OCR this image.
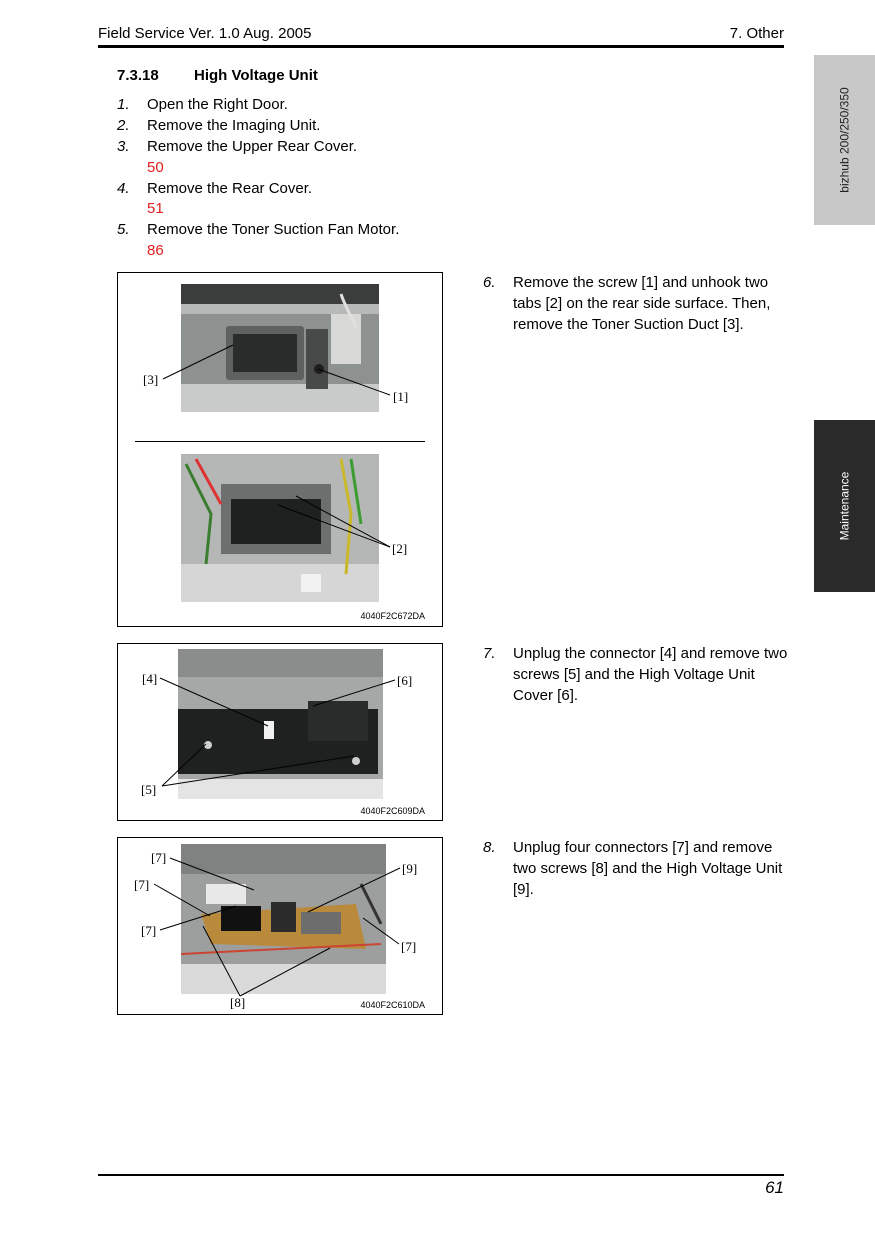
Field Service Ver. 1.0 Aug. 2005	7. Other
bizhub 200/250/350
Maintenance
7.3.18 High Voltage Unit
1. Open the Right Door.
2. Remove the Imaging Unit.
3. Remove the Upper Rear Cover.
50
4. Remove the Rear Cover.
51
5. Remove the Toner Suction Fan Motor.
86
[3]
[1]
[2]
4040F2C672DA
6. Remove the screw [1] and unhook two tabs [2] on the rear side surface. Then, remove the Toner Suction Duct [3].
[4]	[6]
[5]
4040F2C609DA
7. Unplug the connector [4] and remove two screws [5] and the High Voltage Unit Cover [6].
[7]
[9]
[7]
[7]
[7]
[8]	4040F2C610DA
8. Unplug four connectors [7] and remove two screws [8] and the High Voltage Unit [9].
61
